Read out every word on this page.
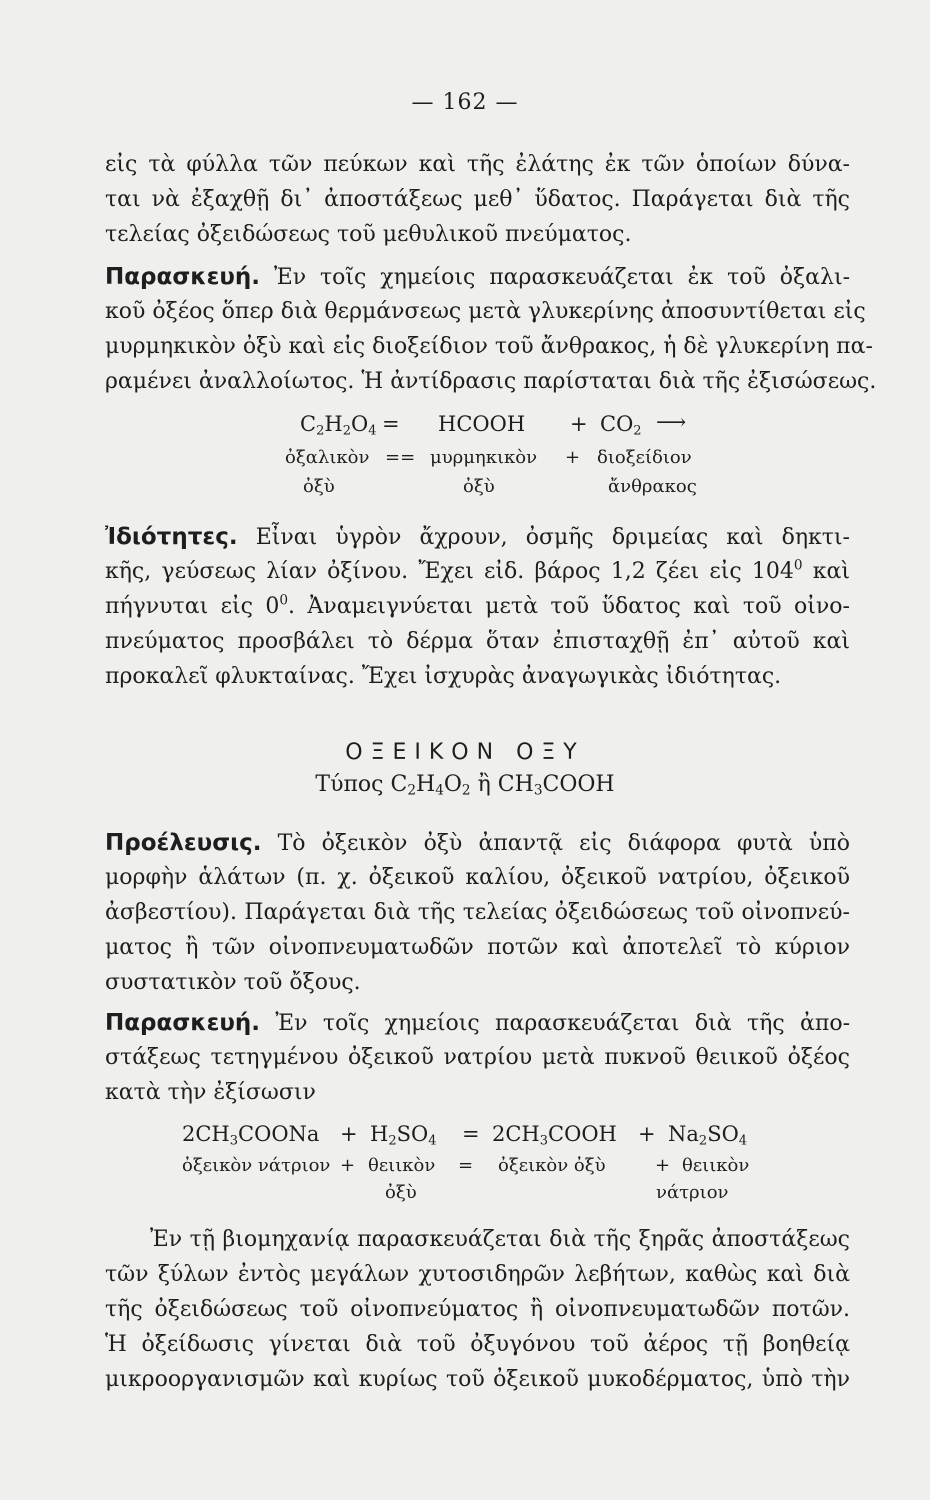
— 162 —
εἰς τὰ φύλλα τῶν πεύκων καὶ τῆς ἐλάτης ἐκ τῶν ὁποίων δύνα-
ται νὰ ἐξαχθῇ δι᾽ ἀποστάξεως μεθ᾽ ὕδατος. Παράγεται διὰ τῆς
τελείας ὀξειδώσεως τοῦ μεθυλικοῦ πνεύματος.
Παρασκευή. Ἐν τοῖς χημείοις παρασκευάζεται ἐκ τοῦ ὀξαλι-
κοῦ ὀξέος ὅπερ διὰ θερμάνσεως μετὰ γλυκερίνης ἀποσυντίθεται εἰς
μυρμηκικὸν ὀξὺ καὶ εἰς διοξείδιον τοῦ ἄνθρακος, ἡ δὲ γλυκερίνη πα-
ραμένει ἀναλλοίωτος. Ἡ ἀντίδρασις παρίσταται διὰ τῆς ἐξισώσεως.
$C_2H_2O_4$ = HCOOH + $CO_2$ ⟶
ὀξαλικὸν == μυρμηκικὸν + διοξείδιον
ὀξὺ	ὀξὺ	ἄνθρακος
Ἰδιότητες. Εἶναι ὑγρὸν ἄχρουν, ὀσμῆς δριμείας καὶ δηκτι-
κῆς, γεύσεως λίαν ὀξίνου. Ἔχει εἰδ. βάρος 1,2 ζέει εἰς $104^0$ καὶ
πήγνυται εἰς $0^0$. Ἀναμειγνύεται μετὰ τοῦ ὕδατος καὶ τοῦ οἰνο-
πνεύματος προσβάλει τὸ δέρμα ὅταν ἐπισταχθῇ ἐπ᾽ αὐτοῦ καὶ
προκαλεῖ φλυκταίνας. Ἔχει ἰσχυρὰς ἀναγωγικὰς ἰδιότητας.
ΟΞΕΙΚΟΝ ΟΞΥ
Τύπος $C_2H_4O_2$ ἢ $CH_3COOH$
Προέλευσις. Τὸ ὀξεικὸν ὀξὺ ἀπαντᾷ εἰς διάφορα φυτὰ ὑπὸ
μορφὴν ἁλάτων (π. χ. ὀξεικοῦ καλίου, ὀξεικοῦ νατρίου, ὀξεικοῦ
ἀσβεστίου). Παράγεται διὰ τῆς τελείας ὀξειδώσεως τοῦ οἰνοπνεύ-
ματος ἢ τῶν οἰνοπνευματωδῶν ποτῶν καὶ ἀποτελεῖ τὸ κύριον
συστατικὸν τοῦ ὄξους.
Παρασκευή. Ἐν τοῖς χημείοις παρασκευάζεται διὰ τῆς ἀπο-
στάξεως τετηγμένου ὀξεικοῦ νατρίου μετὰ πυκνοῦ θειικοῦ ὀξέος
κατὰ τὴν ἐξίσωσιν
$2CH_3COONa + H_2SO_4$ = $2CH_3COOH + Na_2SO_4$
ὀξεικὸν νάτριον + θειικὸν = ὀξεικὸν ὀξὺ	+ θειικὸν
ὀξὺ	νάτριον
Ἐν τῇ βιομηχανίᾳ παρασκευάζεται διὰ τῆς ξηρᾶς ἀποστάξεως
τῶν ξύλων ἐντὸς μεγάλων χυτοσιδηρῶν λεβήτων, καθὼς καὶ διὰ
τῆς ὀξειδώσεως τοῦ οἰνοπνεύματος ἢ οἰνοπνευματωδῶν ποτῶν.
Ἡ ὀξείδωσις γίνεται διὰ τοῦ ὀξυγόνου τοῦ ἀέρος τῇ βοηθείᾳ
μικροοργανισμῶν καὶ κυρίως τοῦ ὀξεικοῦ μυκοδέρματος, ὑπὸ τὴν
